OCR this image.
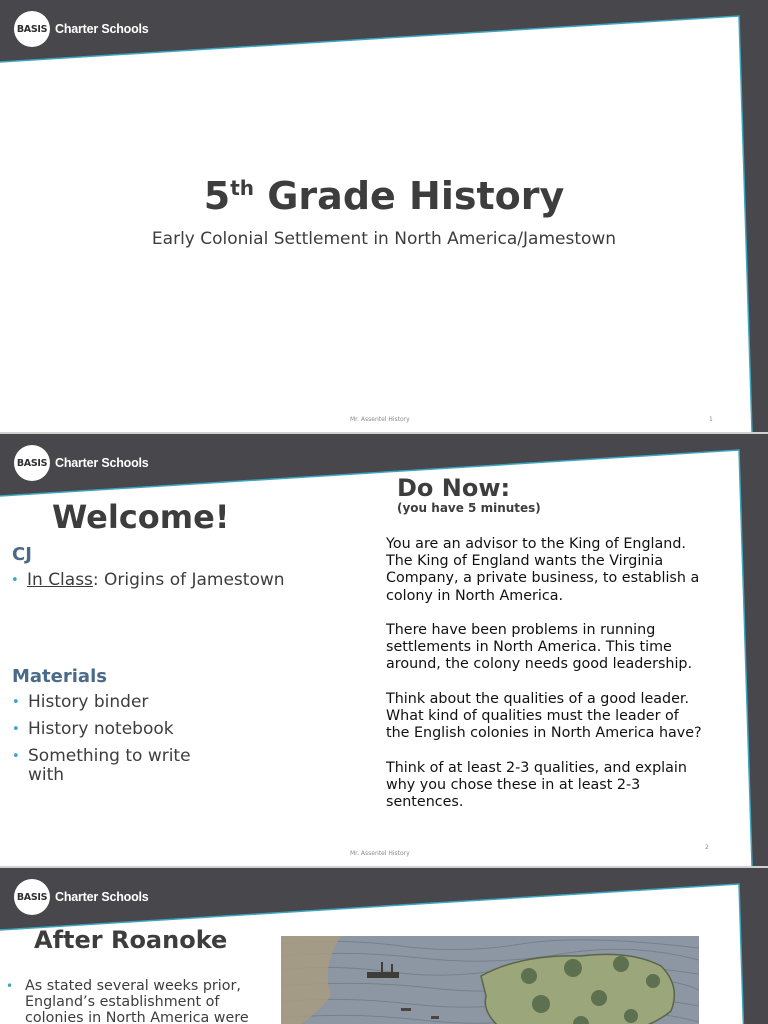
BASIS Charter Schools
5th Grade History
Early Colonial Settlement in North America/Jamestown
Mr. Assentel History	1
BASIS Charter Schools
Welcome!
CJ
• In Class: Origins of Jamestown
Materials
• History binder
• History notebook
• Something to write
with
Do Now:
(you have 5 minutes)
You are an advisor to the King of England.
The King of England wants the Virginia
Company, a private business, to establish a
colony in North America.
There have been problems in running
settlements in North America. This time
around, the colony needs good leadership.
Think about the qualities of a good leader.
What kind of qualities must the leader of
the English colonies in North America have?
Think of at least 2-3 qualities, and explain
why you chose these in at least 2-3
sentences.
Mr. Assentel History
2
BASIS Charter Schools
After Roanoke
• As stated several weeks prior,
England’s establishment of
colonies in North America were
